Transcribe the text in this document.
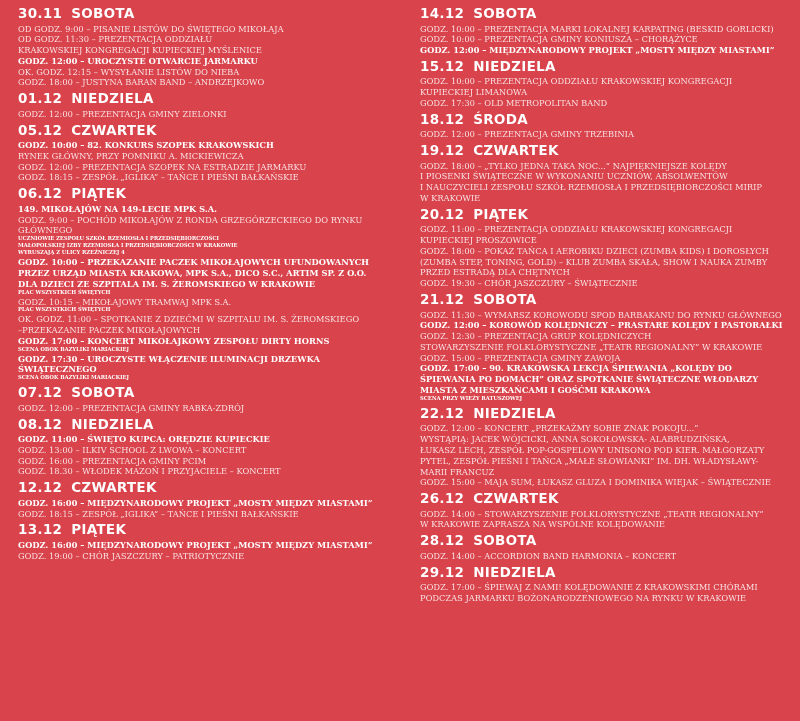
30.11 SOBOTA
OD GODZ. 9:00 – PISANIE LISTÓW DO ŚWIĘTEGO MIKOŁAJA
OD GODZ. 11:30 – PREZENTACJA ODDZIAŁU
KRAKOWSKIEJ KONGREGACJI KUPIECKIEJ MYŚLENICE
GODZ. 12:00 – UROCZYSTE OTWARCIE JARMARKU
OK. GODZ. 12:15 – WYSYŁANIE LISTÓW DO NIEBA
GODZ. 18:00 – JUSTYNA BARAN BAND – ANDRZEJKOWO
01.12 NIEDZIELA
GODZ. 12:00 – PREZENTACJA GMINY ZIELONKI
05.12 CZWARTEK
GODZ. 10:00 – 82. KONKURS SZOPEK KRAKOWSKICH
RYNEK GŁÓWNY, PRZY POMNIKU A. MICKIEWICZA
GODZ. 12:00 – PREZENTACJA SZOPEK NA ESTRADZIE JARMARKU
GODZ. 18:15 – ZESPÓŁ „IGLIKA” – TAŃCE I PIEŚNI BAŁKAŃSKIE
06.12 PIĄTEK
149. MIKOŁAJÓW NA 149-LECIE MPK S.A.
GODZ. 9:00 – POCHÓD MIKOŁAJÓW Z RONDA GRZEGÓRZECKIEGO DO RYNKU
GŁÓWNEGO
UCZNIOWIE ZESPOŁU SZKÓŁ RZEMIOSŁA I PRZEDSIĘBIORCZOŚCI
MAŁOPOLSKIEJ IZBY RZEMIOSŁA I PRZEDSIĘBIORCZOŚCI W KRAKOWIE
WYRUSZAJĄ Z ULICY RZEŹNICZEJ 4
GODZ. 10:00 – PRZEKAZANIE PACZEK MIKOŁAJOWYCH UFUNDOWANYCH
PRZEZ URZĄD MIASTA KRAKOWA, MPK S.A., DICO S.C., ARTIM SP. Z O.O.
DLA DZIECI ZE SZPITALA IM. S. ŻEROMSKIEGO W KRAKOWIE
PLAC WSZYSTKICH ŚWIĘTYCH
GODZ. 10:15 – MIKOŁAJOWY TRAMWAJ MPK S.A.
PLAC WSZYSTKICH ŚWIĘTYCH
OK. GODZ. 11:00 – SPOTKANIE Z DZIEĆMI W SZPITALU IM. S. ŻEROMSKIEGO
–PRZEKAZANIE PACZEK MIKOŁAJOWYCH
GODZ. 17:00 – KONCERT MIKOŁAJKOWY ZESPOŁU DIRTY HORNS
SCENA OBOK BAZYLIKI MARIACKIEJ
GODZ. 17:30 – UROCZYSTE WŁĄCZENIE ILUMINACJI DRZEWKA
ŚWIĄTECZNEGO
SCENA OBOK BAZYLIKI MARIACKIEJ
07.12 SOBOTA
GODZ. 12:00 – PREZENTACJA GMINY RABKA-ZDRÓJ
08.12 NIEDZIELA
GODZ. 11:00 – ŚWIĘTO KUPCA: ORĘDZIE KUPIECKIE
GODZ. 13:00 – ILKIV SCHOOL Z LWOWA – KONCERT
GODZ. 16:00 – PREZENTACJA GMINY PCIM
GODZ. 18.30 – WŁODEK MAZOŃ I PRZYJACIELE – KONCERT
12.12 CZWARTEK
GODZ. 16:00 – MIĘDZYNARODOWY PROJEKT „MOSTY MIĘDZY MIASTAMI”
GODZ. 18:15 – ZESPÓŁ „IGLIKA” – TAŃCE I PIEŚNI BAŁKAŃSKIE
13.12 PIĄTEK
GODZ. 16:00 – MIĘDZYNARODOWY PROJEKT „MOSTY MIĘDZY MIASTAMI”
GODZ. 19:00 – CHÓR JASZCZURY – PATRIOTYCZNIE
14.12 SOBOTA
GODZ. 10:00 – PREZENTACJA MARKI LOKALNEJ KARPATING (BESKID GORLICKI)
GODZ. 10:00 – PREZENTACJA GMINY KONIUSZA – CHORĄŻYCE
GODZ. 12:00 – MIĘDZYNARODOWY PROJEKT „MOSTY MIĘDZY MIASTAMI”
15.12 NIEDZIELA
GODZ. 10:00 – PREZENTACJA ODDZIAŁU KRAKOWSKIEJ KONGREGACJI
KUPIECKIEJ LIMANOWA
GODZ. 17:30 – OLD METROPOLITAN BAND
18.12 ŚRODA
GODZ. 12:00 – PREZENTACJA GMINY TRZEBINIA
19.12 CZWARTEK
GODZ. 18:00 – „TYLKO JEDNA TAKA NOC...” NAJPIĘKNIEJSZE KOLĘDY
I PIOSENKI ŚWIĄTECZNE W WYKONANIU UCZNIÓW, ABSOLWENTÓW
I NAUCZYCIELI ZESPOŁU SZKÓŁ RZEMIOSŁA I PRZEDSIĘBIORCZOŚCI MIRIP
W KRAKOWIE
20.12 PIĄTEK
GODZ. 11:00 – PREZENTACJA ODDZIAŁU KRAKOWSKIEJ KONGREGACJI
KUPIECKIEJ PROSZOWICE
GODZ. 18:00 – POKAZ TAŃCA I AEROBIKU DZIECI (ZUMBA KIDS) I DOROSŁYCH
(ZUMBA STEP, TONING, GOLD) – KLUB ZUMBA SKAŁA, SHOW I NAUKA ZUMBY
PRZED ESTRADĄ DLA CHĘTNYCH
GODZ. 19:30 – CHÓR JASZCZURY – ŚWIĄTECZNIE
21.12 SOBOTA
GODZ. 11:30 – WYMARSZ KOROWODU SPOD BARBAKANU DO RYNKU GŁÓWNEGO
GODZ. 12:00 – KOROWÓD KOLĘDNICZY – PRASTARE KOLĘDY I PASTORAŁKI
GODZ. 12:30 – PREZENTACJA GRUP KOLĘDNICZYCH
STOWARZYSZENIE FOLKLORYSTYCZNE „TEATR REGIONALNY” W KRAKOWIE
GODZ. 15:00 – PREZENTACJA GMINY ZAWOJA
GODZ. 17:00 – 90. KRAKOWSKA LEKCJA ŚPIEWANIA „KOLĘDY DO
ŚPIEWANIA PO DOMACH” ORAZ SPOTKANIE ŚWIĄTECZNE WŁODARZY
MIASTA Z MIESZKAŃCAMI I GOŚĆMI KRAKOWA
SCENA PRZY WIEŻY RATUSZOWEJ
22.12 NIEDZIELA
GODZ. 12:00 – KONCERT „PRZEKAŻMY SOBIE ZNAK POKOJU...”
WYSTĄPIĄ: JACEK WÓJCICKI, ANNA SOKOŁOWSKA- ALABRUDZIŃSKA,
ŁUKASZ LECH, ZESPÓŁ POP-GOSPELOWY UNISONO POD KIER. MAŁGORZATY
PYTEL, ZESPÓŁ PIEŚNI I TAŃCA „MAŁE SŁOWIANKI” IM. DH. WŁADYSŁAWY-
MARII FRANCUZ
GODZ. 15:00 – MAJA SUM, ŁUKASZ GLUZA I DOMINIKA WIEJAK – ŚWIĄTECZNIE
26.12 CZWARTEK
GODZ. 14:00 – STOWARZYSZENIE FOLKLORYSTYCZNE „TEATR REGIONALNY”
W KRAKOWIE ZAPRASZA NA WSPÓLNE KOLĘDOWANIE
28.12 SOBOTA
GODZ. 14:00 – ACCORDION BAND HARMONIA – KONCERT
29.12 NIEDZIELA
GODZ. 17:00 – ŚPIEWAJ Z NAMI! KOLĘDOWANIE Z KRAKOWSKIMI CHÓRAMI
PODCZAS JARMARKU BOŻONARODZENIOWEGO NA RYNKU W KRAKOWIE
